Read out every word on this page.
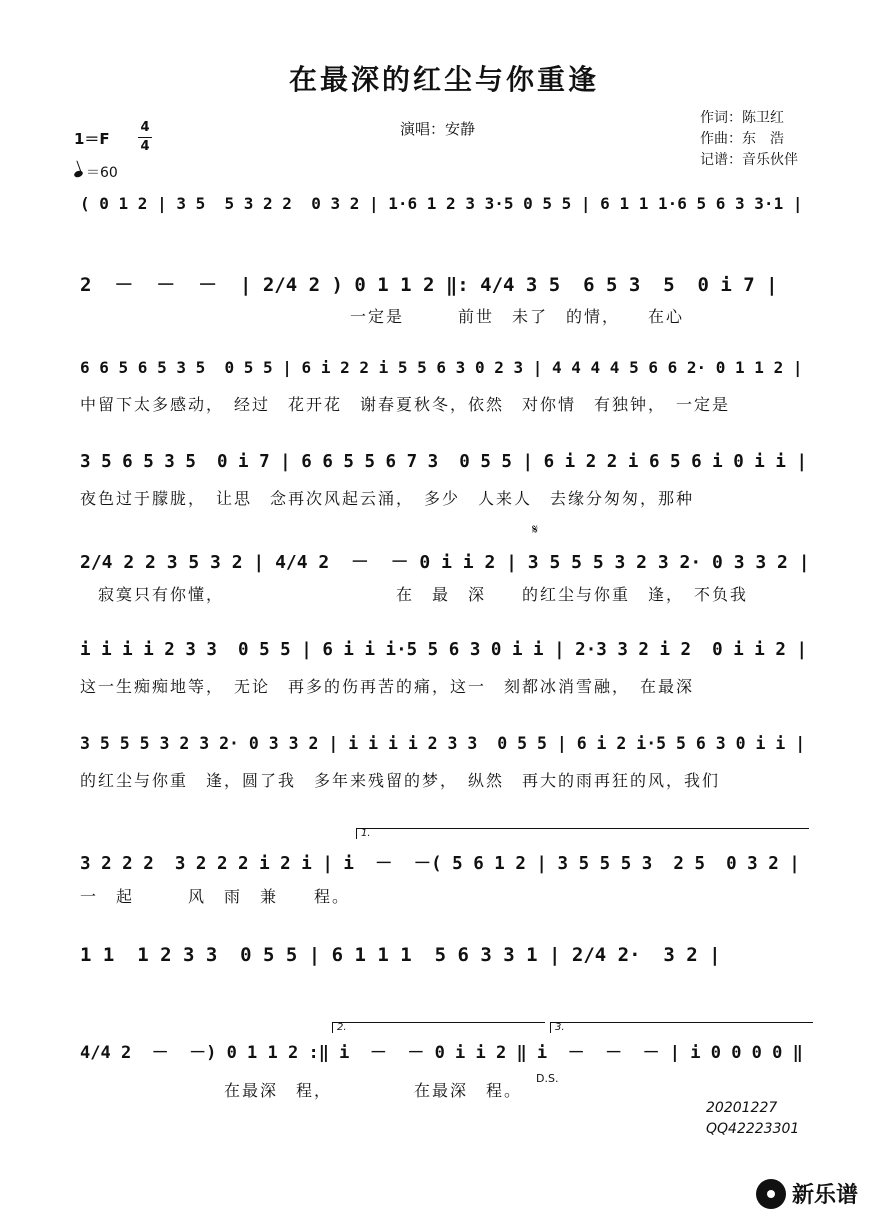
在最深的红尘与你重逢
演唱：安静
作词：陈卫红
作曲：东　浩
记谱：音乐伙伴
1＝F
4
4
＝60
( 0 1 2 | 3 5  5 3 2 2  0 3 2 | 1·6 1 2 3 3·5 0 5 5 | 6 1 1 1·6 5 6 3 3·1 |
2  －  －  －  | 2/4 2 ) 0 1 1 2 ‖: 4/4 3 5  6 5 3  5  0 i 7 |
　　　　　　　　　　　　　　　一定是　　　前世　未了　的情，　　在心
6 6 5 6 5 3 5  0 5 5 | 6 i 2 2 i 5 5 6 3 0 2 3 | 4 4 4 4 5 6 6 2· 0 1 1 2 |
中留下太多感动，　经过　花开花　谢春夏秋冬，依然　对你情　有独钟，　一定是
3 5 6 5 3 5  0 i 7 | 6 6 5 5 6 7 3  0 5 5 | 6 i 2 2 i 6 5 6 i 0 i i |
夜色过于朦胧，　让思　念再次风起云涌，　多少　人来人　去缘分匆匆，那种
𝄋
2/4 2 2 3 5 3 2 | 4/4 2  －  － 0 i i 2 | 3 5 5 5 3 2 3 2· 0 3 3 2 |
　寂寞只有你懂，　　　　　　　　　　在　最　深　　的红尘与你重　逢，　不负我
i i i i 2 3 3  0 5 5 | 6 i i i·5 5 6 3 0 i i | 2·3 3 2 i 2  0 i i 2 |
这一生痴痴地等，　无论　再多的伤再苦的痛，这一　刻都冰消雪融，　在最深
3 5 5 5 3 2 3 2· 0 3 3 2 | i i i i 2 3 3  0 5 5 | 6 i 2 i·5 5 6 3 0 i i |
的红尘与你重　逢，圆了我　多年来残留的梦，　纵然　再大的雨再狂的风，我们
1.
3 2 2 2  3 2 2 2 i 2 i | i  －  －( 5 6 1 2 | 3 5 5 5 3  2 5  0 3 2 |
一　起　　　风　雨　兼　　程。
1 1  1 2 3 3  0 5 5 | 6 1 1 1  5 6 3 3 1 | 2/4 2·  3 2 |
2.	3.
4/4 2  －  －) 0 1 1 2 :‖ i  －  － 0 i i 2 ‖ i  －  －  － | i 0 0 0 0 ‖
　　　　　　　　在最深　程，　　　　　在最深　程。
D.S.
20201227
QQ42223301
新乐谱
